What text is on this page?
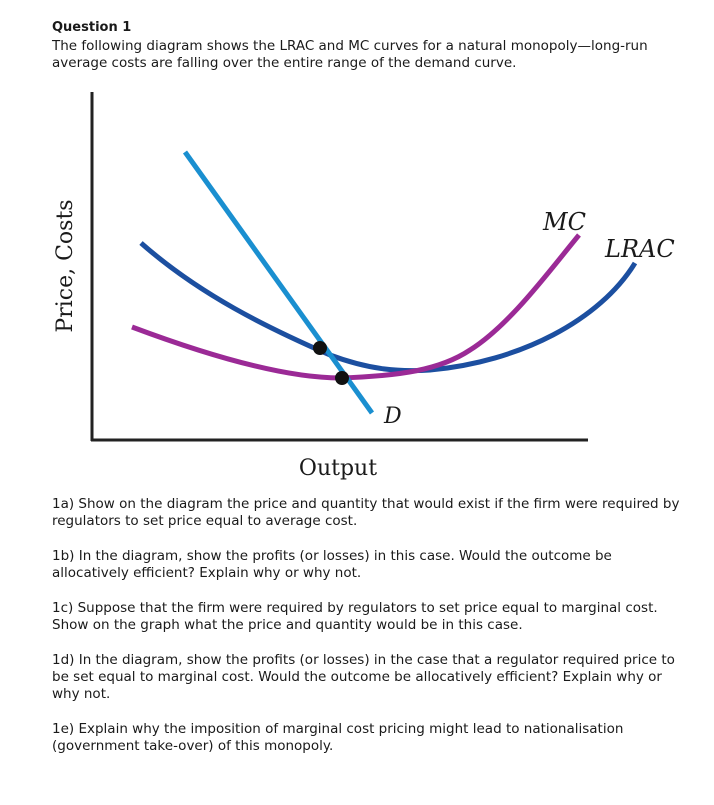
Question 1

The following diagram shows the LRAC and MC curves for a natural monopoly—long-run average costs are falling over the entire range of the demand curve.

MC
LRAC
D
Output
Price, Costs

1a) Show on the diagram the price and quantity that would exist if the firm were required by regulators to set price equal to average cost.

1b) In the diagram, show the profits (or losses) in this case. Would the outcome be allocatively efficient? Explain why or why not.

1c) Suppose that the firm were required by regulators to set price equal to marginal cost. Show on the graph what the price and quantity would be in this case.

1d) In the diagram, show the profits (or losses) in the case that a regulator required price to be set equal to marginal cost. Would the outcome be allocatively efficient? Explain why or why not.

1e) Explain why the imposition of marginal cost pricing might lead to nationalisation (government take-over) of this monopoly.
